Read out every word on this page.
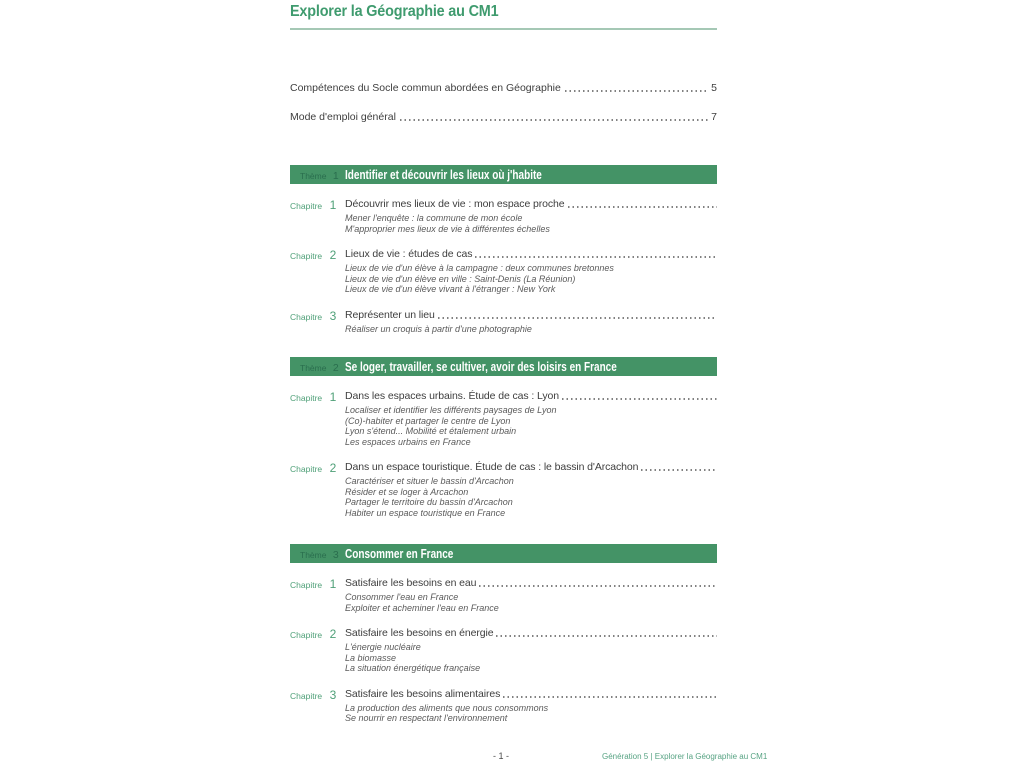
Explorer la Géographie au CM1
Compétences du Socle commun abordées en Géographie	5
Mode d'emploi général	7
Thème 1 Identifier et découvrir les lieux où j'habite
Chapitre 1 Découvrir mes lieux de vie : mon espace proche
Mener l'enquête : la commune de mon école
M'approprier mes lieux de vie à différentes échelles
Chapitre 2 Lieux de vie : études de cas
Lieux de vie d'un élève à la campagne : deux communes bretonnes
Lieux de vie d'un élève en ville : Saint-Denis (La Réunion)
Lieux de vie d'un élève vivant à l'étranger : New York
Chapitre 3 Représenter un lieu
Réaliser un croquis à partir d'une photographie
Thème 2 Se loger, travailler, se cultiver, avoir des loisirs en France
Chapitre 1 Dans les espaces urbains. Étude de cas : Lyon
Localiser et identifier les différents paysages de Lyon
(Co)-habiter et partager le centre de Lyon
Lyon s'étend... Mobilité et étalement urbain
Les espaces urbains en France
Chapitre 2 Dans un espace touristique. Étude de cas : le bassin d'Arcachon
Caractériser et situer le bassin d'Arcachon
Résider et se loger à Arcachon
Partager le territoire du bassin d'Arcachon
Habiter un espace touristique en France
Thème 3 Consommer en France
Chapitre 1 Satisfaire les besoins en eau
Consommer l'eau en France
Exploiter et acheminer l'eau en France
Chapitre 2 Satisfaire les besoins en énergie
L'énergie nucléaire
La biomasse
La situation énergétique française
Chapitre 3 Satisfaire les besoins alimentaires
La production des aliments que nous consommons
Se nourrir en respectant l'environnement
- 1 -	Génération 5 | Explorer la Géographie au CM1
